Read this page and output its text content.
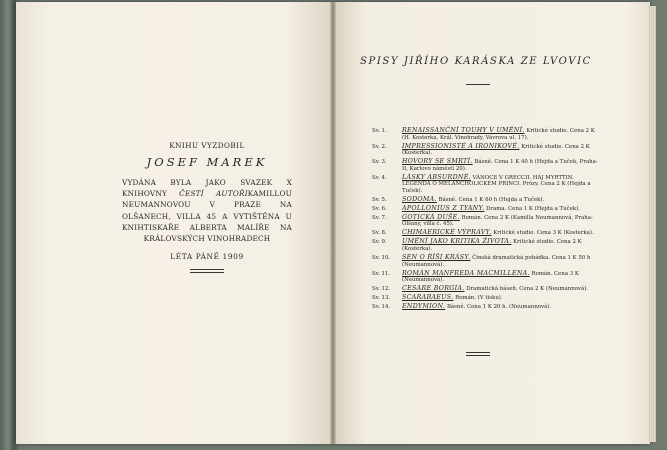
KNIHU VYZDOBIL
JOSEF MAREK
VYDÁNA BYLA JAKO SVAZEK X KNIHOVNY ČESTÍ AUTOŘIKAMILLOU NEUMANNOVOU V PRAZE NA OLŠANECH, VILLA 45 A VYTIŠTĚNA U KNIHTISKAŘE ALBERTA MALÍŘE NA KRÁLOVSKÝCH VINOHRADECH
LÉTA PÁNĚ 1909
SPISY JIŘÍHO KARÁSKA ZE LVOVIC
Sv. 1.	RENAISSANČNÍ TOUHY V UMĚNÍ. Kritické studie. Cena 2 K (H. Kosterka, Král. Vinohrady, Vávrova ul. 17).
Sv. 2.	IMPRESSIONISTÉ A IRONIKOVÉ. Kritické studie. Cena 2 K (Kosterka).
Sv. 3.	HOVORY SE SMRTÍ. Básně. Cena 1 K 40 h (Hejda a Tuček, Praha-II, Karlovo náměstí 20).
Sv. 4.	LÁSKY ABSURDNÉ. VÁNOCE V GRECCII. HÁJ MYRTTIN. LEGENDA O MELANCHOLICKÉM PRINCI. Prózy. Cena 2 K (Hejda a Tuček).
Sv. 5.	SODOMA. Básně. Cena 1 K 60 h (Hejda a Tuček).
Sv. 6.	APOLLONIUS Z TYANY. Drama. Cena 1 K (Hejda a Tuček).
Sv. 7.	GOTICKÁ DUŠE. Román. Cena 2 K (Kamilla Neumannová, Praha-Olšany, villa č. 45).
Sv. 8.	CHIMAERICKÉ VÝPRAVY. Kritické studie. Cena 3 K (Kosterka).
Sv. 9.	UMĚNÍ JAKO KRITIKA ŽIVOTA. Kritické studie. Cena 2 K (Kosterka).
Sv. 10.	SEN O ŘÍŠI KRÁSY. Činská dramatická pohádka. Cena 1 K 50 h (Neumannová).
Sv. 11.	ROMÁN MANFREDA MACMILLENA. Román. Cena 3 K (Neumannová).
Sv. 12.	CESARE BORGIA. Dramatická báseň. Cena 2 K (Neumannová).
Sv. 13.	SCARABAEUS. Román. (V tisku).
Sv. 14.	ENDYMION. Básně. Cena 1 K 20 h. (Neumannová).
